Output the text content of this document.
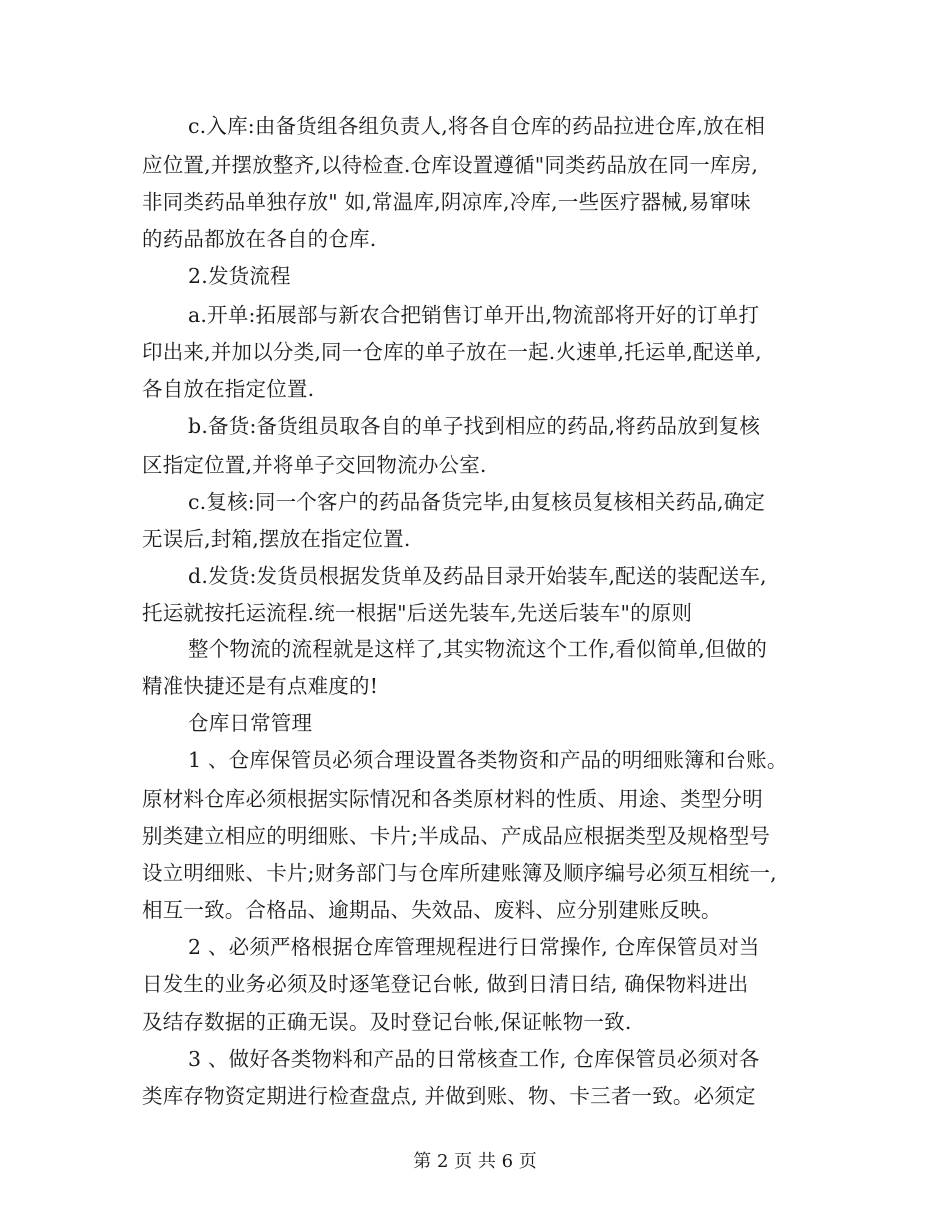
c.入库:由备货组各组负责人,将各自仓库的药品拉进仓库,放在相
应位置,并摆放整齐,以待检查.仓库设置遵循"同类药品放在同一库房,
非同类药品单独存放" 如,常温库,阴凉库,冷库,一些医疗器械,易窜味
的药品都放在各自的仓库.
2.发货流程
a.开单:拓展部与新农合把销售订单开出,物流部将开好的订单打
印出来,并加以分类,同一仓库的单子放在一起.火速单,托运单,配送单,
各自放在指定位置.
b.备货:备货组员取各自的单子找到相应的药品,将药品放到复核
区指定位置,并将单子交回物流办公室.
c.复核:同一个客户的药品备货完毕,由复核员复核相关药品,确定
无误后,封箱,摆放在指定位置.
d.发货:发货员根据发货单及药品目录开始装车,配送的装配送车,
托运就按托运流程.统一根据"后送先装车,先送后装车"的原则
整个物流的流程就是这样了,其实物流这个工作,看似简单,但做的
精准快捷还是有点难度的!
仓库日常管理
1 、仓库保管员必须合理设置各类物资和产品的明细账簿和台账。
原材料仓库必须根据实际情况和各类原材料的性质、用途、类型分明
别类建立相应的明细账、卡片;半成品、产成品应根据类型及规格型号
设立明细账、卡片;财务部门与仓库所建账簿及顺序编号必须互相统一,
相互一致。合格品、逾期品、失效品、废料、应分别建账反映。
2 、必须严格根据仓库管理规程进行日常操作, 仓库保管员对当
日发生的业务必须及时逐笔登记台帐, 做到日清日结, 确保物料进出
及结存数据的正确无误。及时登记台帐,保证帐物一致.
3 、做好各类物料和产品的日常核查工作, 仓库保管员必须对各
类库存物资定期进行检查盘点, 并做到账、物、卡三者一致。必须定
第 2 页 共 6 页
